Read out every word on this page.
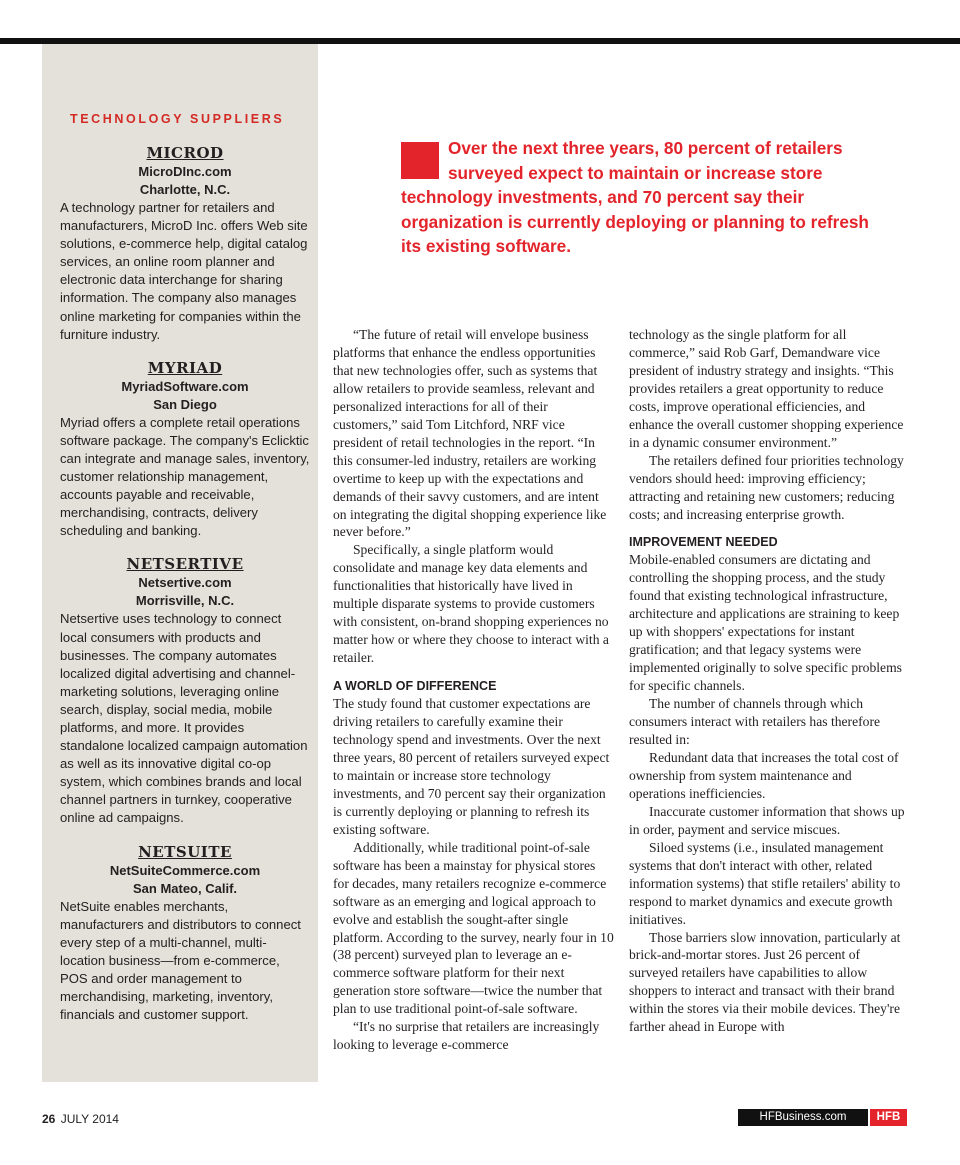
TECHNOLOGY SUPPLIERS
MICROD
MicroDInc.com
Charlotte, N.C.
A technology partner for retailers and manufacturers, MicroD Inc. offers Web site solutions, e-commerce help, digital catalog services, an online room planner and electronic data interchange for sharing information. The company also manages online marketing for companies within the furniture industry.
MYRIAD
MyriadSoftware.com
San Diego
Myriad offers a complete retail operations software package. The company's Eclicktic can integrate and manage sales, inventory, customer relationship management, accounts payable and receivable, merchandising, contracts, delivery scheduling and banking.
NETSERTIVE
Netsertive.com
Morrisville, N.C.
Netsertive uses technology to connect local consumers with products and businesses. The company automates localized digital advertising and channel-marketing solutions, leveraging online search, display, social media, mobile platforms, and more. It provides standalone localized campaign automation as well as its innovative digital co-op system, which combines brands and local channel partners in turnkey, cooperative online ad campaigns.
NETSUITE
NetSuiteCommerce.com
San Mateo, Calif.
NetSuite enables merchants, manufacturers and distributors to connect every step of a multi-channel, multi-location business—from e-commerce, POS and order management to merchandising, marketing, inventory, financials and customer support.
Over the next three years, 80 percent of retailers surveyed expect to maintain or increase store technology investments, and 70 percent say their organization is currently deploying or planning to refresh its existing software.

“The future of retail will envelope business platforms that enhance the endless opportunities that new technologies offer, such as systems that allow retailers to provide seamless, relevant and personalized interactions for all of their customers,” said Tom Litchford, NRF vice president of retail technologies in the report. “In this consumer-led industry, retailers are working overtime to keep up with the expectations and demands of their savvy customers, and are intent on integrating the digital shopping experience like never before.”

Specifically, a single platform would consolidate and manage key data elements and functionalities that historically have lived in multiple disparate systems to provide customers with consistent, on-brand shopping experiences no matter how or where they choose to interact with a retailer.

A WORLD OF DIFFERENCE

The study found that customer expectations are driving retailers to carefully examine their technology spend and investments. Over the next three years, 80 percent of retailers surveyed expect to maintain or increase store technology investments, and 70 percent say their organization is currently deploying or planning to refresh its existing software.

Additionally, while traditional point-of-sale software has been a mainstay for physical stores for decades, many retailers recognize e-commerce software as an emerging and logical approach to evolve and establish the sought-after single platform. According to the survey, nearly four in 10 (38 percent) surveyed plan to leverage an e-commerce software platform for their next generation store software—twice the number that plan to use traditional point-of-sale software.

“It's no surprise that retailers are increasingly looking to leverage e-commerce

technology as the single platform for all commerce,” said Rob Garf, Demandware vice president of industry strategy and insights. “This provides retailers a great opportunity to reduce costs, improve operational efficiencies, and enhance the overall customer shopping experience in a dynamic consumer environment.”

The retailers defined four priorities technology vendors should heed: improving efficiency; attracting and retaining new customers; reducing costs; and increasing enterprise growth.

IMPROVEMENT NEEDED

Mobile-enabled consumers are dictating and controlling the shopping process, and the study found that existing technological infrastructure, architecture and applications are straining to keep up with shoppers' expectations for instant gratification; and that legacy systems were implemented originally to solve specific problems for specific channels.

The number of channels through which consumers interact with retailers has therefore resulted in:

Redundant data that increases the total cost of ownership from system maintenance and operations inefficiencies.

Inaccurate customer information that shows up in order, payment and service miscues.

Siloed systems (i.e., insulated management systems that don't interact with other, related information systems) that stifle retailers' ability to respond to market dynamics and execute growth initiatives.

Those barriers slow innovation, particularly at brick-and-mortar stores. Just 26 percent of surveyed retailers have capabilities to allow shoppers to interact and transact with their brand within the stores via their mobile devices. They're farther ahead in Europe with

26 JULY 2014	HFBusiness.com	HFB
